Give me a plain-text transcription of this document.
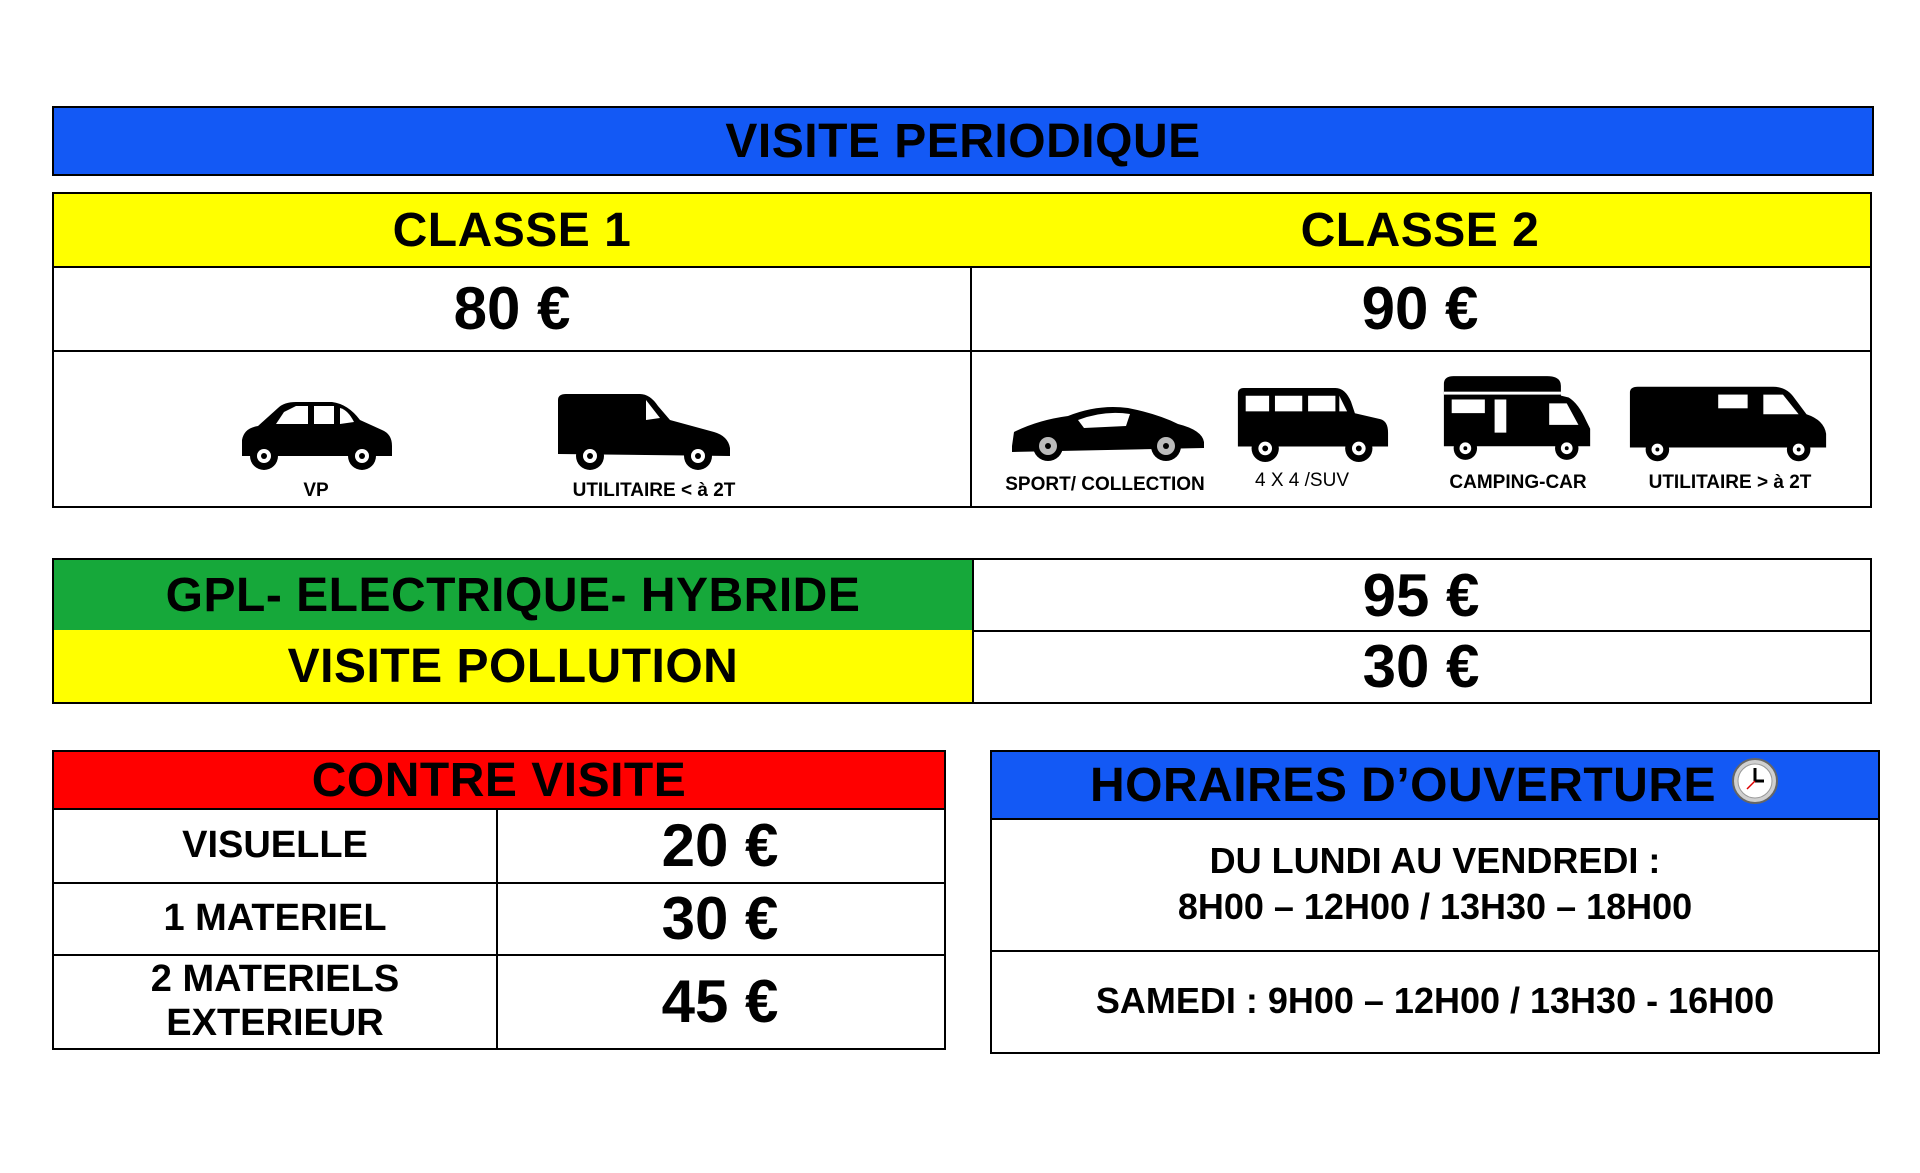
VISITE PERIODIQUE
CLASSE 1	CLASSE 2
80 €	90 €
VP	UTILITAIRE < à 2T	SPORT/ COLLECTION	4 X 4 /SUV	CAMPING-CAR	UTILITAIRE > à 2T
GPL- ELECTRIQUE- HYBRIDE	95 €
VISITE POLLUTION	30 €
CONTRE VISITE
VISUELLE	20 €
1 MATERIEL	30 €
2 MATERIELS
EXTERIEUR	45 €
HORAIRES D’OUVERTURE
DU LUNDI AU VENDREDI :
8H00 – 12H00 / 13H30 – 18H00
SAMEDI : 9H00 – 12H00 / 13H30 - 16H00
